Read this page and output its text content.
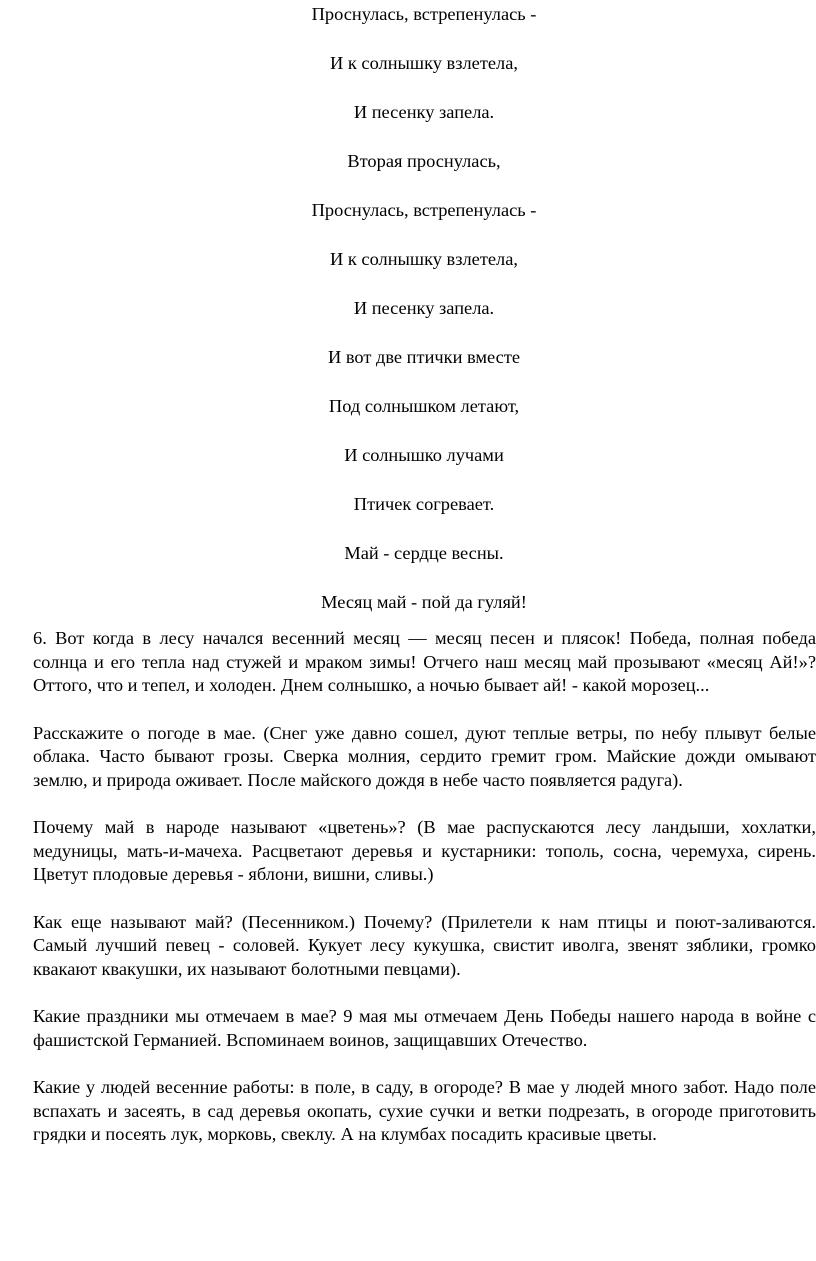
Проснулась, встрепенулась -
И к солнышку взлетела,
И песенку запела.
Вторая проснулась,
Проснулась, встрепенулась -
И к солнышку взлетела,
И песенку запела.
И вот две птички вместе
Под солнышком летают,
И солнышко лучами
Птичек согревает.
Май - сердце весны.
Месяц май - пой да гуляй!

6. Вот когда в лесу начался весенний месяц — месяц песен и плясок! Победа, полная победа солнца и его тепла над стужей и мраком зимы! Отчего наш месяц май прозывают «месяц Ай!»? Оттого, что и тепел, и холоден. Днем солнышко, а ночью бывает ай! - какой морозец...

Расскажите о погоде в мае. (Снег уже давно сошел, дуют теплые ветры, по небу плывут белые облака. Часто бывают грозы. Сверка молния, сердито гремит гром. Майские дожди омывают землю, и природа оживает. После майского дождя в небе часто появляется радуга).

Почему май в народе называют «цветень»? (В мае распускаются лесу ландыши, хохлатки, медуницы, мать-и-мачеха. Расцветают деревья и кустарники: тополь, сосна, черемуха, сирень. Цветут плодовые деревья - яблони, вишни, сливы.)

Как еще называют май? (Песенником.) Почему? (Прилетели к нам птицы и поют-заливаются. Самый лучший певец - соловей. Кукует лесу кукушка, свистит иволга, звенят зяблики, громко квакают квакушки, их называют болотными певцами).

Какие праздники мы отмечаем в мае? 9 мая мы отмечаем День Победы нашего народа в войне с фашистской Германией. Вспоминаем воинов, защищавших Отечество.

Какие у людей весенние работы: в поле, в саду, в огороде? В мае у людей много забот. Надо поле вспахать и засеять, в сад деревья окопать, сухие сучки и ветки подрезать, в огороде приготовить грядки и посеять лук, морковь, свеклу. А на клумбах посадить красивые цветы.
